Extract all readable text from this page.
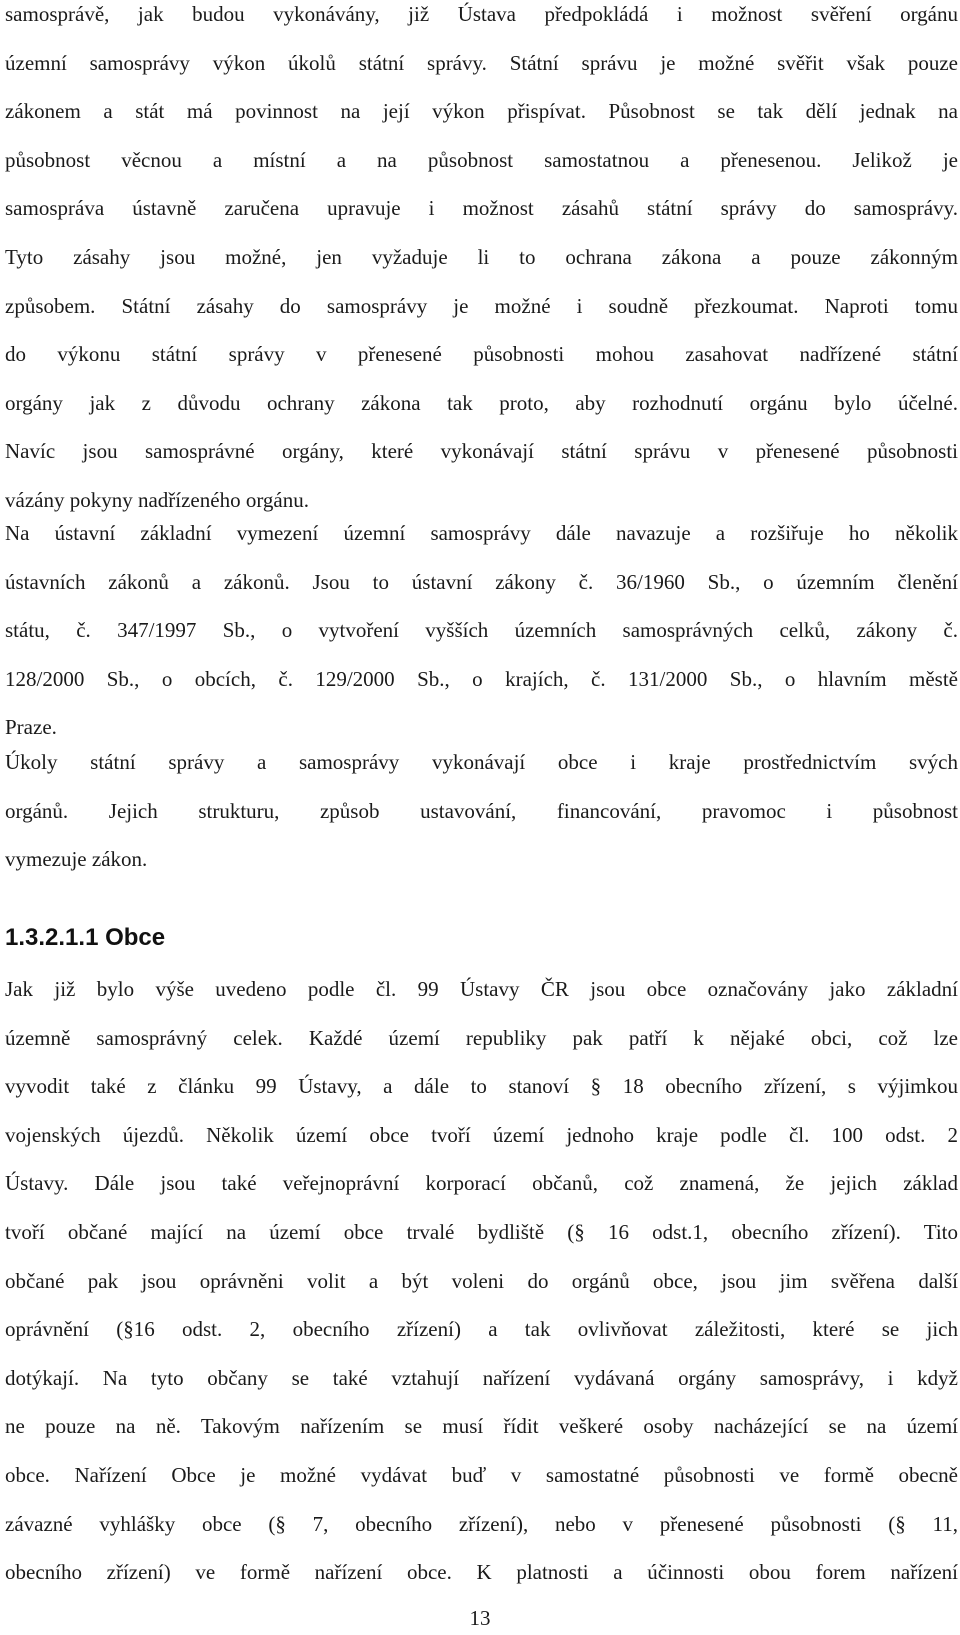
samosprávě, jak budou vykonávány, již Ústava předpokládá i možnost svěření orgánu
územní samosprávy výkon úkolů státní správy. Státní správu je možné svěřit však pouze
zákonem a stát má povinnost na její výkon přispívat. Působnost se tak dělí jednak na
působnost věcnou a místní a na působnost samostatnou a přenesenou. Jelikož je
samospráva ústavně zaručena upravuje i možnost zásahů státní správy do samosprávy.
Tyto zásahy jsou možné, jen vyžaduje li to ochrana zákona a pouze zákonným
způsobem. Státní zásahy do samosprávy je možné i soudně přezkoumat. Naproti tomu
do výkonu státní správy v přenesené působnosti mohou zasahovat nadřízené státní
orgány jak z důvodu ochrany zákona tak proto, aby rozhodnutí orgánu bylo účelné.
Navíc jsou samosprávné orgány, které vykonávají státní správu v přenesené působnosti
vázány pokyny nadřízeného orgánu.

Na ústavní základní vymezení územní samosprávy dále navazuje a rozšiřuje ho několik
ústavních zákonů a zákonů. Jsou to ústavní zákony č. 36/1960 Sb., o územním členění
státu, č. 347/1997 Sb., o vytvoření vyšších územních samosprávných celků, zákony č.
128/2000 Sb., o obcích, č. 129/2000 Sb., o krajích, č. 131/2000 Sb., o hlavním městě
Praze.

Úkoly státní správy a samosprávy vykonávají obce i kraje prostřednictvím svých
orgánů. Jejich strukturu, způsob ustavování, financování, pravomoc i působnost
vymezuje zákon.

1.3.2.1.1 Obce

Jak již bylo výše uvedeno podle čl. 99 Ústavy ČR jsou obce označovány jako základní
územně samosprávný celek. Každé území republiky pak patří k nějaké obci, což lze
vyvodit také z článku 99 Ústavy, a dále to stanoví § 18 obecního zřízení, s výjimkou
vojenských újezdů. Několik území obce tvoří území jednoho kraje podle čl. 100 odst. 2
Ústavy. Dále jsou také veřejnoprávní korporací občanů, což znamená, že jejich základ
tvoří občané mající na území obce trvalé bydliště (§ 16 odst.1, obecního zřízení). Tito
občané pak jsou oprávněni volit a být voleni do orgánů obce, jsou jim svěřena další
oprávnění (§16 odst. 2, obecního zřízení) a tak ovlivňovat záležitosti, které se jich
dotýkají. Na tyto občany se také vztahují nařízení vydávaná orgány samosprávy, i když
ne pouze na ně. Takovým nařízením se musí řídit veškeré osoby nacházející se na území
obce. Nařízení Obce je možné vydávat buď v samostatné působnosti ve formě obecně
závazné vyhlášky obce (§ 7, obecního zřízení), nebo v přenesené působnosti (§ 11,
obecního zřízení) ve formě nařízení obce. K platnosti a účinnosti obou forem nařízení

13
